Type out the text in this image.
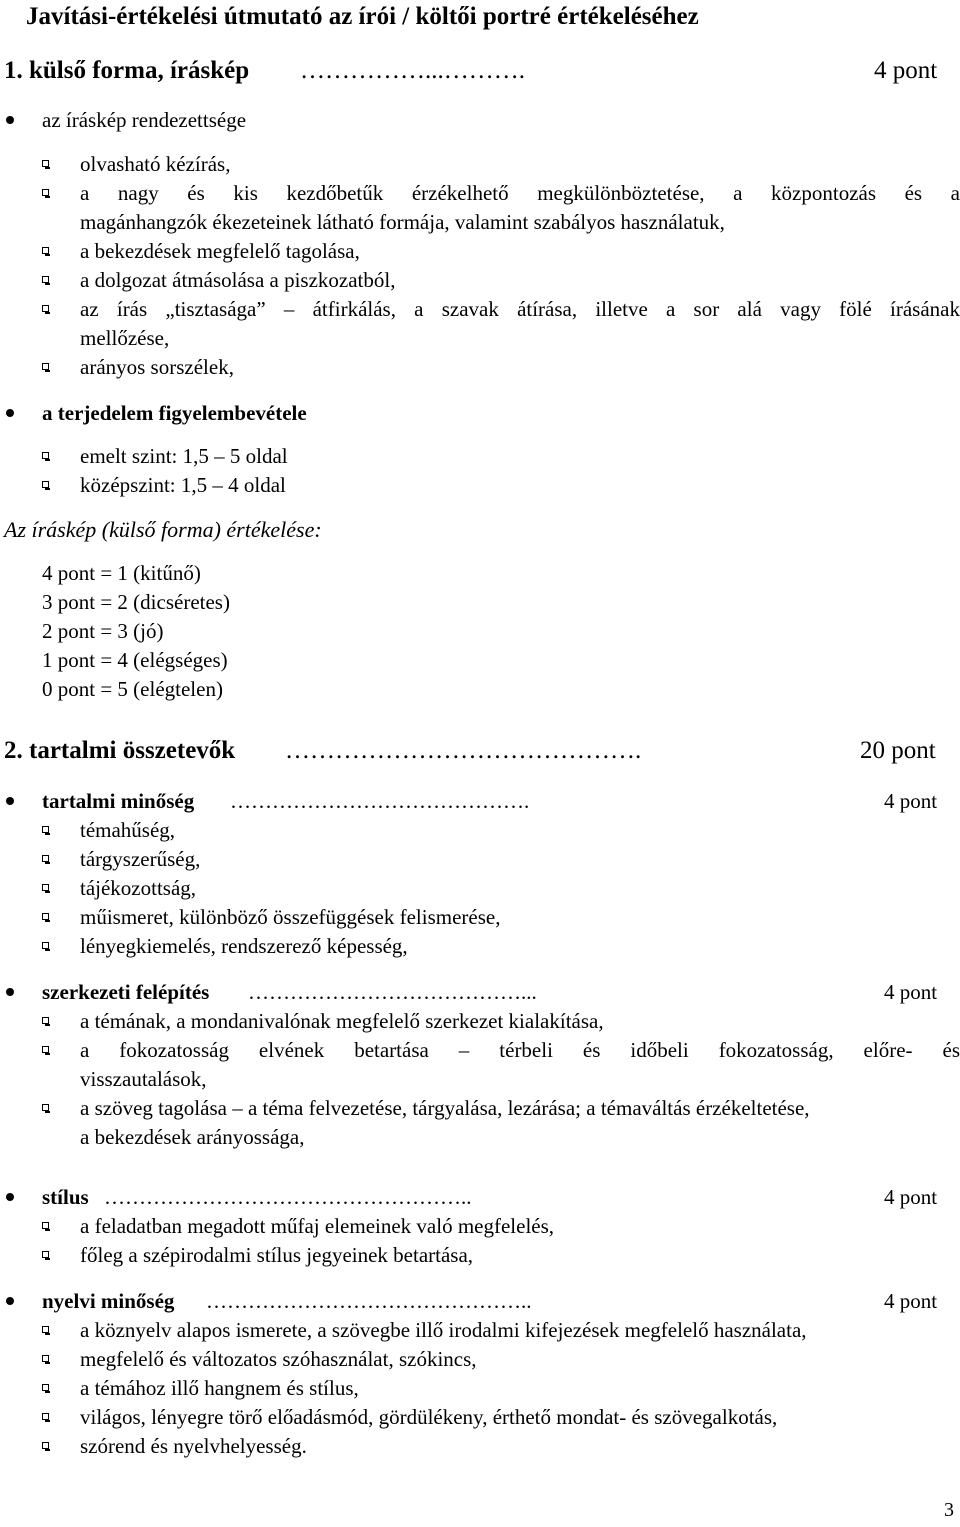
Javítási-értékelési útmutató az írói / költői portré értékeléséhez
1. külső forma, íráskép ……………...……….	4 pont
az íráskép rendezettsége
olvasható kézírás,
a nagy és kis kezdőbetűk érzékelhető megkülönböztetése, a központozás és a
magánhangzók ékezeteinek látható formája, valamint szabályos használatuk,
a bekezdések megfelelő tagolása,
a dolgozat átmásolása a piszkozatból,
az írás „tisztasága” – átfirkálás, a szavak átírása, illetve a sor alá vagy fölé írásának
mellőzése,
arányos sorszélek,
a terjedelem figyelembevétele
emelt szint: 1,5 – 5 oldal
középszint: 1,5 – 4 oldal
Az íráskép (külső forma) értékelése:
4 pont = 1 (kitűnő)
3 pont = 2 (dicséretes)
2 pont = 3 (jó)
1 pont = 4 (elégséges)
0 pont = 5 (elégtelen)
2. tartalmi összetevők …………………………………….	20 pont
tartalmi minőség …………………………………….	4 pont
témahűség,
tárgyszerűség,
tájékozottság,
műismeret, különböző összefüggések felismerése,
lényegkiemelés, rendszerező képesség,
szerkezeti felépítés …………………………………...	4 pont
a témának, a mondanivalónak megfelelő szerkezet kialakítása,
a fokozatosság elvének betartása – térbeli és időbeli fokozatosság, előre- és
visszautalások,
a szöveg tagolása – a téma felvezetése, tárgyalása, lezárása; a témaváltás érzékeltetése,
a bekezdések arányossága,
stílus ……………………………………………..	4 pont
a feladatban megadott műfaj elemeinek való megfelelés,
főleg a szépirodalmi stílus jegyeinek betartása,
nyelvi minőség ………………………………………..	4 pont
a köznyelv alapos ismerete, a szövegbe illő irodalmi kifejezések megfelelő használata,
megfelelő és változatos szóhasználat, szókincs,
a témához illő hangnem és stílus,
világos, lényegre törő előadásmód, gördülékeny, érthető mondat- és szövegalkotás,
szórend és nyelvhelyesség.
3
